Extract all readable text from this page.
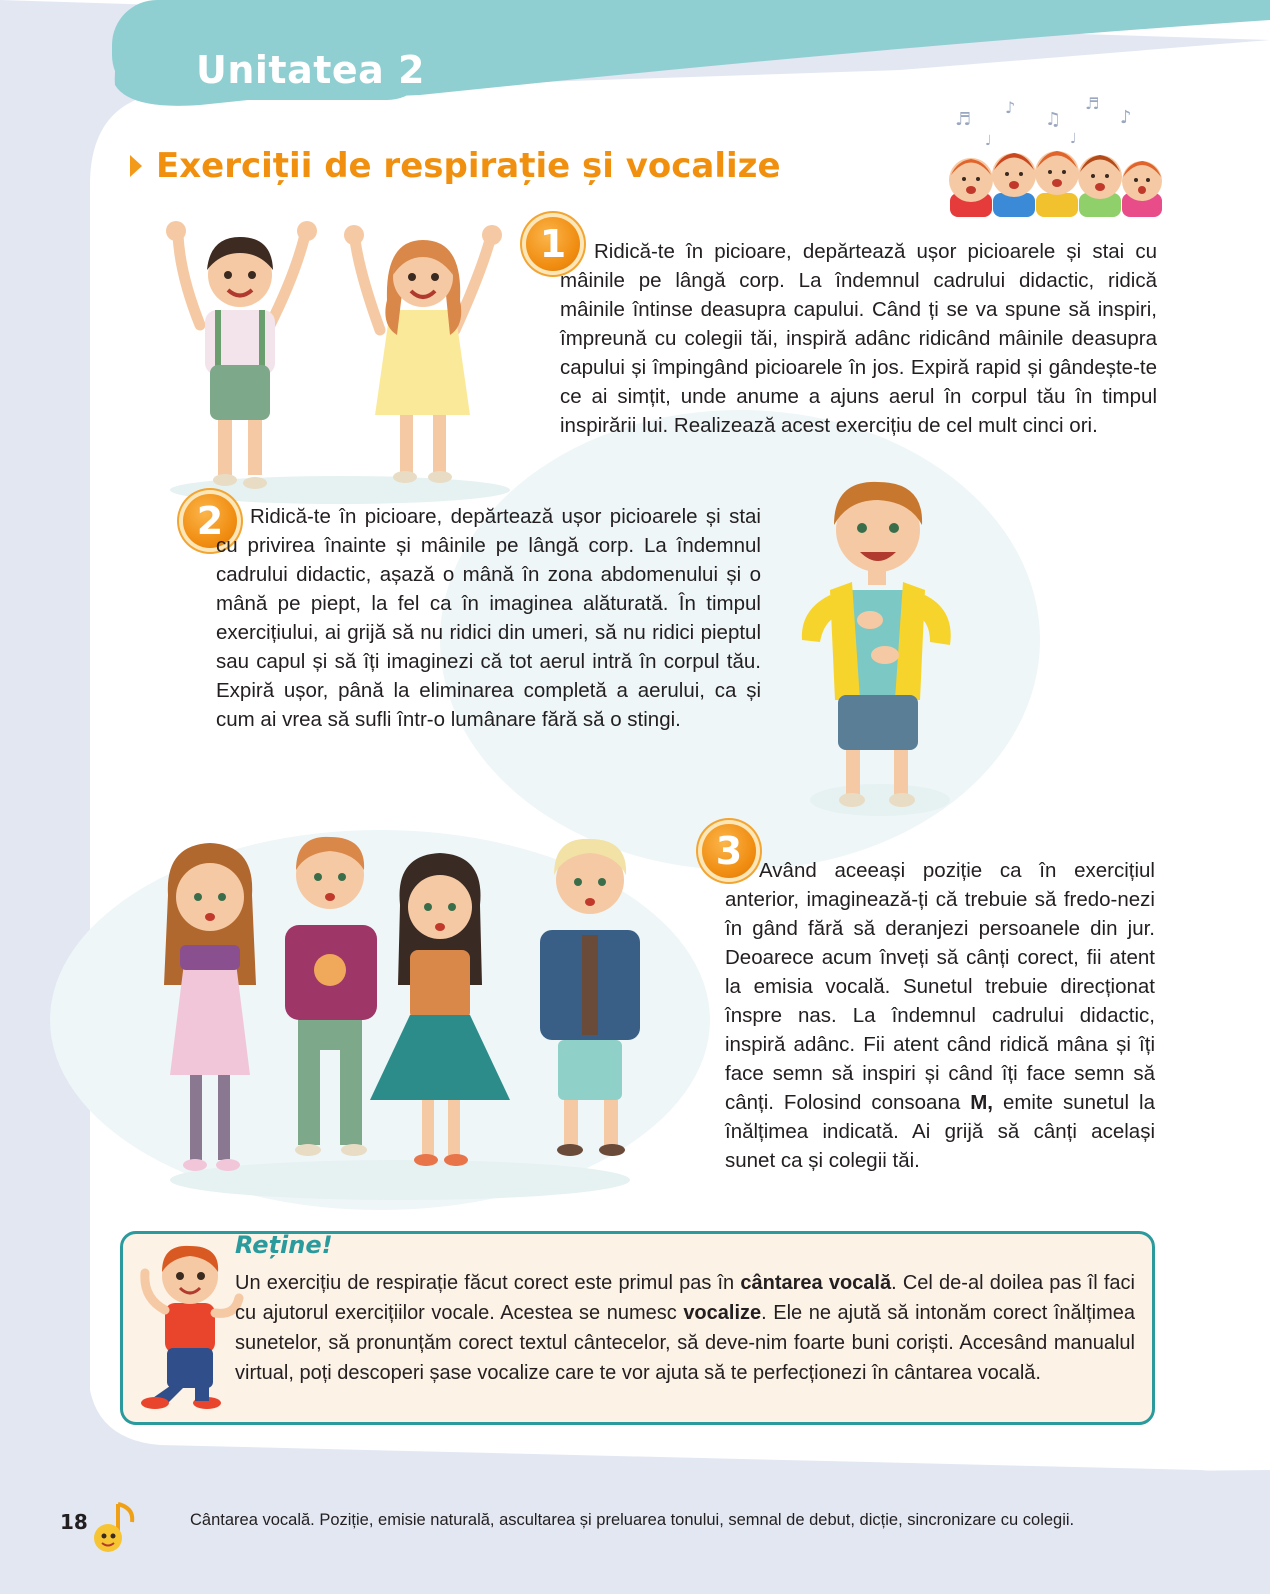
Unitatea 2
Exerciții de respirație și vocalize
♬
♪
♫
♬
♪
♩	♩
1	Ridică-te în picioare, depărtează ușor picioarele și stai cu mâinile pe lângă corp. La îndemnul cadrului didactic, ridică mâinile întinse deasupra capului. Când ți se va spune să inspiri, împreună cu colegii tăi, inspiră adânc ridicând mâinile deasupra capului și împingând picioarele în jos. Expiră rapid și gândește-te ce ai simțit, unde anume a ajuns aerul în corpul tău în timpul inspirării lui. Realizează acest exercițiu de cel mult cinci ori.
2	Ridică-te în picioare, depărtează ușor picioarele și stai cu privirea înainte și mâinile pe lângă corp. La îndemnul cadrului didactic, așază o mână în zona abdomenului și o mână pe piept, la fel ca în imaginea alăturată. În timpul exercițiului, ai grijă să nu ridici din umeri, să nu ridici pieptul sau capul și să îți imaginezi că tot aerul intră în corpul tău. Expiră ușor, până la eliminarea completă a aerului, ca și cum ai vrea să sufli într-o lumânare fără să o stingi.
3 Având aceeași poziție ca în exercițiul anterior, imaginează-ți că trebuie să fredo-nezi în gând fără să deranjezi persoanele din jur. Deoarece acum înveți să cânți corect, fii atent la emisia vocală. Sunetul trebuie direcționat înspre nas. La îndemnul cadrului didactic, inspiră adânc. Fii atent când ridică mâna și îți face semn să inspiri și când îți face semn să cânți. Folosind consoana M, emite sunetul la înălțimea indicată. Ai grijă să cânți același sunet ca și colegii tăi.
Reține!
Un exercițiu de respirație făcut corect este primul pas în cântarea vocală. Cel de-al doilea pas îl faci cu ajutorul exercițiilor vocale. Acestea se numesc vocalize. Ele ne ajută să intonăm corect înălțimea sunetelor, să pronunțăm corect textul cântecelor, să deve-nim foarte buni coriști. Accesând manualul virtual, poți descoperi șase vocalize care te vor ajuta să te perfecționezi în cântarea vocală.
18	Cântarea vocală. Poziție, emisie naturală, ascultarea și preluarea tonului, semnal de debut, dicție, sincronizare cu colegii.
